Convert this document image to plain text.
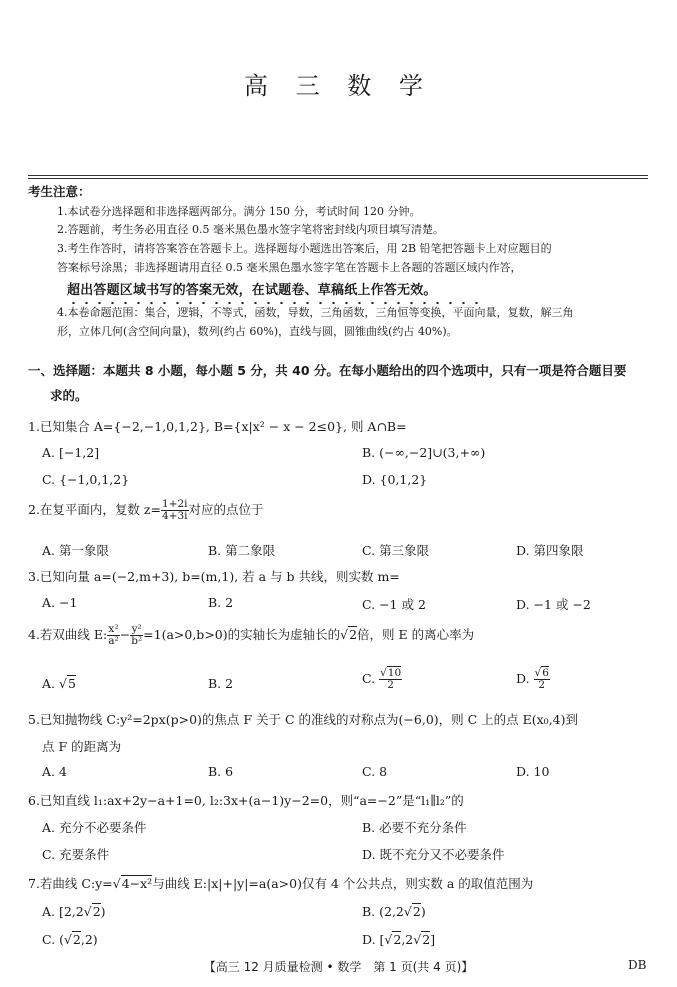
高 三 数 学
考生注意：
1.本试卷分选择题和非选择题两部分。满分 150 分，考试时间 120 分钟。
2.答题前，考生务必用直径 0.5 毫米黑色墨水签字笔将密封线内项目填写清楚。
3.考生作答时，请将答案答在答题卡上。选择题每小题选出答案后，用 2B 铅笔把答题卡上对应题目的
答案标号涂黑；非选择题请用直径 0.5 毫米黑色墨水签字笔在答题卡上各题的答题区域内作答，
超出答题区域书写的答案无效，在试题卷、草稿纸上作答无效。
4.本卷命题范围：集合，逻辑，不等式，函数，导数，三角函数，三角恒等变换，平面向量，复数，解三角
形，立体几何(含空间向量)，数列(约占 60%)，直线与圆，圆锥曲线(约占 40%)。
一、选择题：本题共 8 小题，每小题 5 分，共 40 分。在每小题给出的四个选项中，只有一项是符合题目要
求的。
1.已知集合 A={−2,−1,0,1,2}, B={x|x² − x − 2≤0}, 则 A∩B=
A. [−1,2]	B. (−∞,−2]∪(3,+∞)
C. {−1,0,1,2}	D. {0,1,2}
2.在复平面内，复数 $z= \frac{1+2i}{4+3i}$ 对应的点位于
A. 第一象限	B. 第二象限	C. 第三象限	D. 第四象限
3.已知向量 a=(−2,m+3), b=(m,1), 若 a 与 b 共线，则实数 m=
A. −1	B. 2	C. −1 或 2	D. −1 或 −2
4.若双曲线 E: $\frac{\text{x²}}{\text{a²}} - \frac{\text{y²}}{\text{b²}} =1(a>0,b>0)$的实轴长为虚轴长的√2倍，则 E 的离心率为
A. √5	B. 2	C. $\frac{√10}{2}$	D. $\frac{√6}{2}$
5.已知抛物线 C:y²=2px(p>0)的焦点 F 关于 C 的准线的对称点为(−6,0)，则 C 上的点 E(x₀,4)到
点 F 的距离为
A. 4	B. 6	C. 8	D. 10
6.已知直线 l₁:ax+2y−a+1=0, l₂:3x+(a−1)y−2=0，则“a=−2”是“l₁∥l₂”的
A. 充分不必要条件	B. 必要不充分条件
C. 充要条件	D. 既不充分又不必要条件
7.若曲线 C:y=√4−x²与曲线 E:|x|+|y|=a(a>0)仅有 4 个公共点，则实数 a 的取值范围为
A. [2,2√2)	B. (2,2√2)
C. (√2,2)	D. [√2,2√2]
【高三 12 月质量检测 • 数学　第 1 页(共 4 页)】	DB
